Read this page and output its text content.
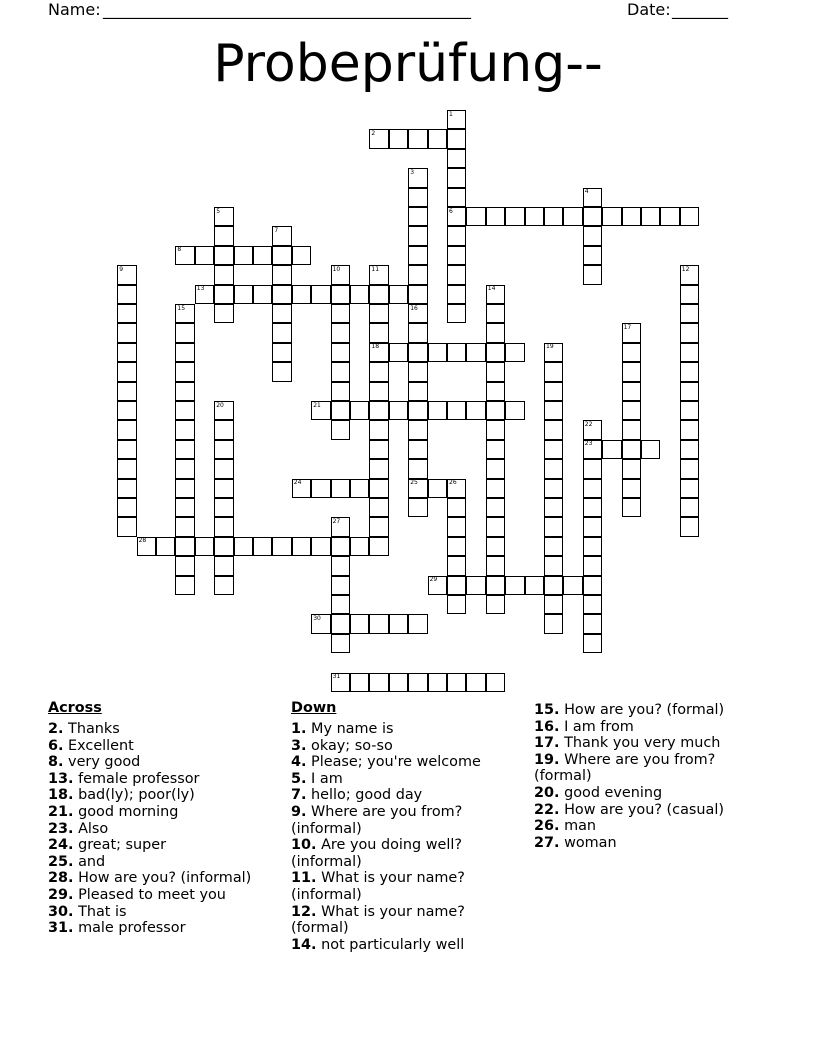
Name: ______________________________________________	Date: _______
Probeprüfung--
1
2
3
4
5	6
7
8
9	10	11	12
13	14
15	16
17
18	19
20	21
22
23
24	25	26
27
28
29
30
31
Across

2. Thanks

6. Excellent

8. very good

13. female professor

18. bad(ly); poor(ly)

21. good morning

23. Also

24. great; super

25. and

28. How are you? (informal)

29. Pleased to meet you

30. That is

31. male professor

Down

1. My name is

3. okay; so-so

4. Please; you're welcome

5. I am

7. hello; good day

9. Where are you from? (informal)

10. Are you doing well? (informal)

11. What is your name? (informal)

12. What is your name? (formal)

14. not particularly well

15. How are you? (formal)

16. I am from

17. Thank you very much

19. Where are you from? (formal)

20. good evening

22. How are you? (casual)

26. man

27. woman
